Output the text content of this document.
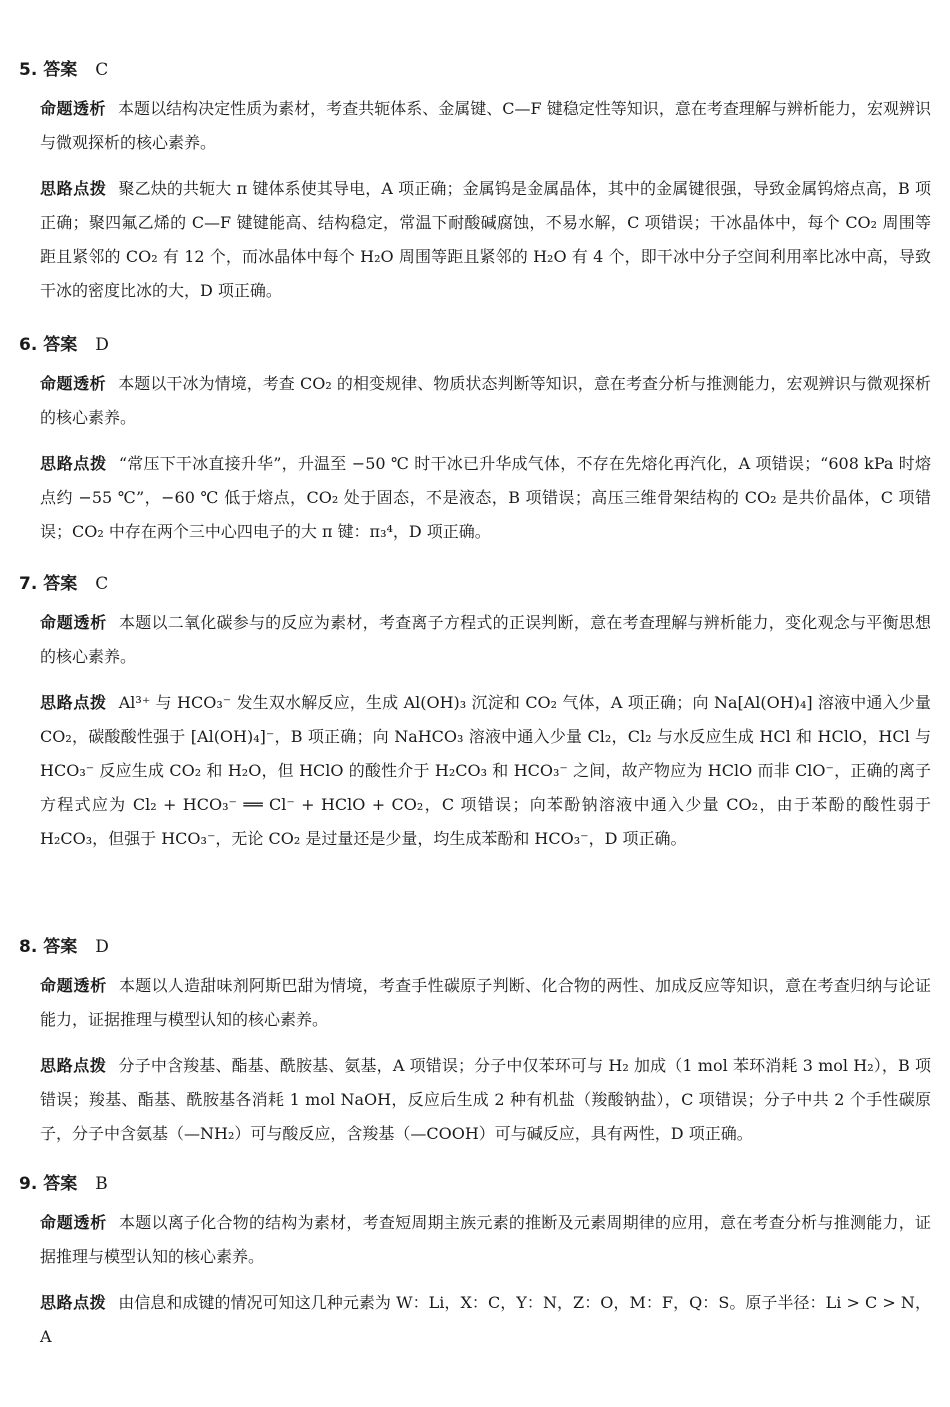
5. 答案 C
命题透析 本题以结构决定性质为素材，考查共轭体系、金属键、C—F 键稳定性等知识，意在考查理解与辨析能力，宏观辨识与微观探析的核心素养。
思路点拨 聚乙炔的共轭大 π 键体系使其导电，A 项正确；金属钨是金属晶体，其中的金属键很强，导致金属钨熔点高，B 项正确；聚四氟乙烯的 C—F 键键能高、结构稳定，常温下耐酸碱腐蚀，不易水解，C 项错误；干冰晶体中，每个 CO₂ 周围等距且紧邻的 CO₂ 有 12 个，而冰晶体中每个 H₂O 周围等距且紧邻的 H₂O 有 4 个，即干冰中分子空间利用率比冰中高，导致干冰的密度比冰的大，D 项正确。
6. 答案 D
命题透析 本题以干冰为情境，考查 CO₂ 的相变规律、物质状态判断等知识，意在考查分析与推测能力，宏观辨识与微观探析的核心素养。
思路点拨 “常压下干冰直接升华”，升温至 −50 ℃ 时干冰已升华成气体，不存在先熔化再汽化，A 项错误；“608 kPa 时熔点约 −55 ℃”，−60 ℃ 低于熔点，CO₂ 处于固态，不是液态，B 项错误；高压三维骨架结构的 CO₂ 是共价晶体，C 项错误；CO₂ 中存在两个三中心四电子的大 π 键：π₃⁴，D 项正确。
7. 答案 C
命题透析 本题以二氧化碳参与的反应为素材，考查离子方程式的正误判断，意在考查理解与辨析能力，变化观念与平衡思想的核心素养。
思路点拨 Al³⁺ 与 HCO₃⁻ 发生双水解反应，生成 Al(OH)₃ 沉淀和 CO₂ 气体，A 项正确；向 Na[Al(OH)₄] 溶液中通入少量 CO₂，碳酸酸性强于 [Al(OH)₄]⁻，B 项正确；向 NaHCO₃ 溶液中通入少量 Cl₂，Cl₂ 与水反应生成 HCl 和 HClO，HCl 与 HCO₃⁻ 反应生成 CO₂ 和 H₂O，但 HClO 的酸性介于 H₂CO₃ 和 HCO₃⁻ 之间，故产物应为 HClO 而非 ClO⁻，正确的离子方程式应为 Cl₂ + HCO₃⁻ ══ Cl⁻ + HClO + CO₂，C 项错误；向苯酚钠溶液中通入少量 CO₂，由于苯酚的酸性弱于 H₂CO₃，但强于 HCO₃⁻，无论 CO₂ 是过量还是少量，均生成苯酚和 HCO₃⁻，D 项正确。
8. 答案 D
命题透析 本题以人造甜味剂阿斯巴甜为情境，考查手性碳原子判断、化合物的两性、加成反应等知识，意在考查归纳与论证能力，证据推理与模型认知的核心素养。
思路点拨 分子中含羧基、酯基、酰胺基、氨基，A 项错误；分子中仅苯环可与 H₂ 加成（1 mol 苯环消耗 3 mol H₂），B 项错误；羧基、酯基、酰胺基各消耗 1 mol NaOH，反应后生成 2 种有机盐（羧酸钠盐），C 项错误；分子中共 2 个手性碳原子，分子中含氨基（—NH₂）可与酸反应，含羧基（—COOH）可与碱反应，具有两性，D 项正确。
9. 答案 B
命题透析 本题以离子化合物的结构为素材，考查短周期主族元素的推断及元素周期律的应用，意在考查分析与推测能力，证据推理与模型认知的核心素养。
思路点拨 由信息和成键的情况可知这几种元素为 W：Li，X：C，Y：N，Z：O，M：F，Q：S。原子半径：Li > C > N，A
